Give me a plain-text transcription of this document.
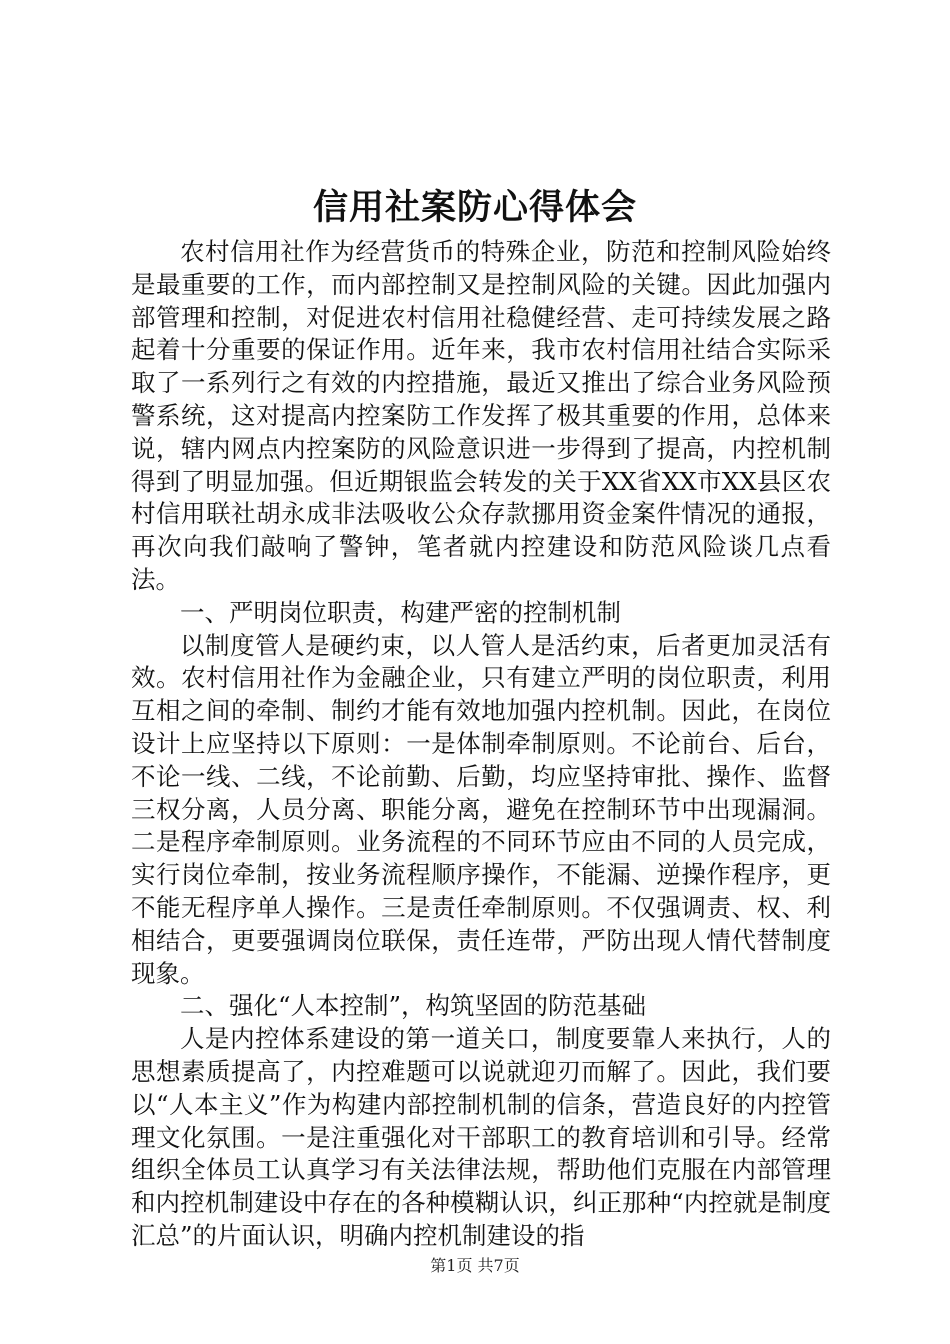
信用社案防心得体会

农村信用社作为经营货币的特殊企业，防范和控制风险始终是最重要的工作，而内部控制又是控制风险的关键。因此加强内部管理和控制，对促进农村信用社稳健经营、走可持续发展之路起着十分重要的保证作用。近年来，我市农村信用社结合实际采取了一系列行之有效的内控措施，最近又推出了综合业务风险预警系统，这对提高内控案防工作发挥了极其重要的作用，总体来说，辖内网点内控案防的风险意识进一步得到了提高，内控机制得到了明显加强。但近期银监会转发的关于XX省XX市XX县区农村信用联社胡永成非法吸收公众存款挪用资金案件情况的通报，再次向我们敲响了警钟，笔者就内控建设和防范风险谈几点看法。

一、严明岗位职责，构建严密的控制机制

以制度管人是硬约束，以人管人是活约束，后者更加灵活有效。农村信用社作为金融企业，只有建立严明的岗位职责，利用互相之间的牵制、制约才能有效地加强内控机制。因此，在岗位设计上应坚持以下原则：一是体制牵制原则。不论前台、后台，不论一线、二线，不论前勤、后勤，均应坚持审批、操作、监督三权分离，人员分离、职能分离，避免在控制环节中出现漏洞。二是程序牵制原则。业务流程的不同环节应由不同的人员完成，实行岗位牵制，按业务流程顺序操作，不能漏、逆操作程序，更不能无程序单人操作。三是责任牵制原则。不仅强调责、权、利相结合，更要强调岗位联保，责任连带，严防出现人情代替制度现象。

二、强化“人本控制”，构筑坚固的防范基础

人是内控体系建设的第一道关口，制度要靠人来执行，人的思想素质提高了，内控难题可以说就迎刃而解了。因此，我们要以“人本主义”作为构建内部控制机制的信条，营造良好的内控管理文化氛围。一是注重强化对干部职工的教育培训和引导。经常组织全体员工认真学习有关法律法规，帮助他们克服在内部管理和内控机制建设中存在的各种模糊认识，纠正那种“内控就是制度汇总”的片面认识，明确内控机制建设的指

第1页 共7页
